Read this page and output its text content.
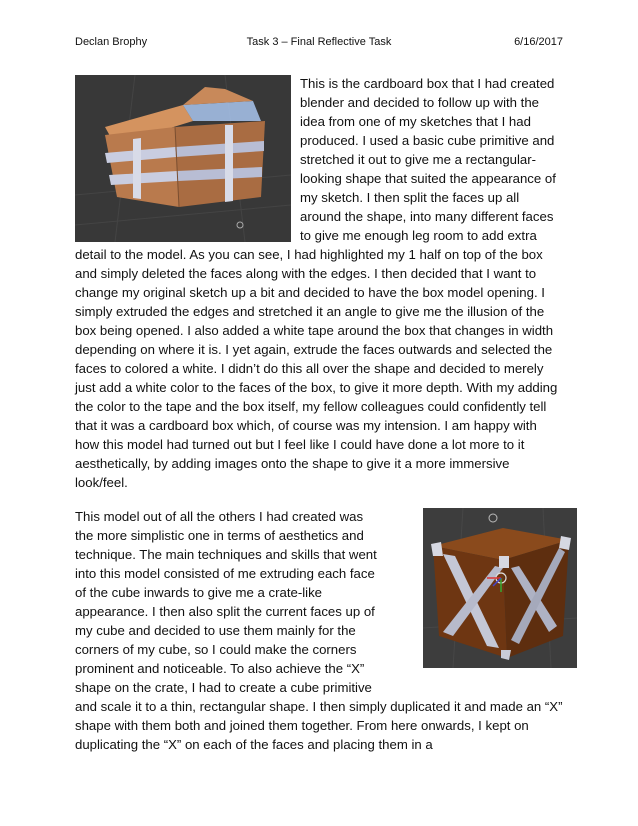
Declan Brophy	Task 3 – Final Reflective Task	6/16/2017

This is the cardboard box that I had created blender and decided to follow up with the idea from one of my sketches that I had produced. I used a basic cube primitive and stretched it out to give me a rectangular-looking shape that suited the appearance of my sketch. I then split the faces up all around the shape, into many different faces to give me enough leg room to add extra detail to the model. As you can see, I had highlighted my 1 half on top of the box and simply deleted the faces along with the edges. I then decided that I want to change my original sketch up a bit and decided to have the box model opening. I simply extruded the edges and stretched it an angle to give me the illusion of the box being opened. I also added a white tape around the box that changes in width depending on where it is. I yet again, extrude the faces outwards and selected the faces to colored a white. I didn’t do this all over the shape and decided to merely just add a white color to the faces of the box, to give it more depth. With my adding the color to the tape and the box itself, my fellow colleagues could confidently tell that it was a cardboard box which, of course was my intension. I am happy with how this model had turned out but I feel like I could have done a lot more to it aesthetically, by adding images onto the shape to give it a more immersive look/feel.

This model out of all the others I had created was the more simplistic one in terms of aesthetics and technique. The main techniques and skills that went into this model consisted of me extruding each face of the cube inwards to give me a crate-like appearance. I then also split the current faces up of my cube and decided to use them mainly for the corners of my cube, so I could make the corners prominent and noticeable. To also achieve the “X” shape on the crate, I had to create a cube primitive and scale it to a thin, rectangular shape. I then simply duplicated it and made an “X” shape with them both and joined them together. From here onwards, I kept on duplicating the “X” on each of the faces and placing them in a
